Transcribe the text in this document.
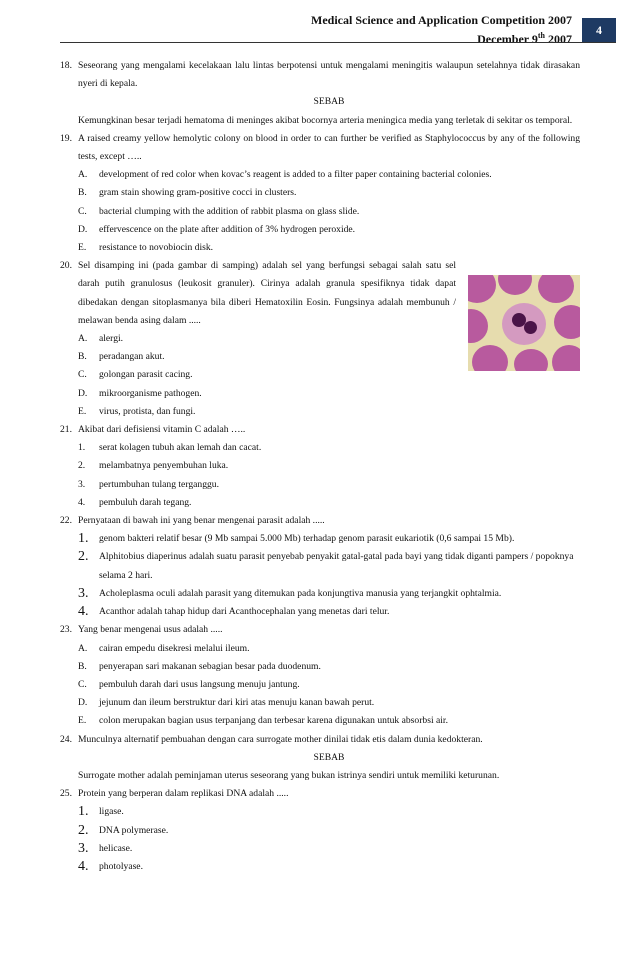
Medical Science and Application Competition 2007
December 9th 2007
4
18. Seseorang yang mengalami kecelakaan lalu lintas berpotensi untuk mengalami meningitis walaupun setelahnya tidak dirasakan nyeri di kepala.
SEBAB
Kemungkinan besar terjadi hematoma di meninges akibat bocornya arteria meningica media yang terletak di sekitar os temporal.
19. A raised creamy yellow hemolytic colony on blood in order to can further be verified as Staphylococcus by any of the following tests, except …..
A.	development of red color when kovac’s reagent is added to a filter paper containing bacterial colonies.
B.	gram stain showing gram-positive cocci in clusters.
C.	bacterial clumping with the addition of rabbit plasma on glass slide.
D.	effervescence on the plate after addition of 3% hydrogen peroxide.
E.	resistance to novobiocin disk.
20. Sel disamping ini (pada gambar di samping) adalah sel yang berfungsi sebagai salah satu sel darah putih granulosus (leukosit granuler). Cirinya adalah granula spesifiknya tidak dapat dibedakan dengan sitoplasmanya bila diberi Hematoxilin Eosin. Fungsinya adalah membunuh / melawan benda asing dalam .....
A.	alergi.
B.	peradangan akut.
C.	golongan parasit cacing.
D.	mikroorganisme pathogen.
E.	virus, protista, dan fungi.
21. Akibat dari defisiensi vitamin C adalah …..
1.	serat kolagen tubuh akan lemah dan cacat.
2.	melambatnya penyembuhan luka.
3.	pertumbuhan tulang terganggu.
4.	pembuluh darah tegang.
22. Pernyataan di bawah ini yang benar mengenai parasit adalah .....
1.	genom bakteri relatif besar (9 Mb sampai 5.000 Mb) terhadap genom parasit eukariotik (0,6 sampai 15 Mb).
2.	Alphitobius diaperinus adalah suatu parasit penyebab penyakit gatal-gatal pada bayi yang tidak diganti pampers / popoknya selama 2 hari.
3.	Acholeplasma oculi adalah parasit yang ditemukan pada konjungtiva manusia yang terjangkit ophtalmia.
4.	Acanthor adalah tahap hidup dari Acanthocephalan yang menetas dari telur.
23. Yang benar mengenai usus adalah .....
A.	cairan empedu disekresi melalui ileum.
B.	penyerapan sari makanan sebagian besar pada duodenum.
C.	pembuluh darah dari usus langsung menuju jantung.
D.	jejunum dan ileum berstruktur dari kiri atas menuju kanan bawah perut.
E.	colon merupakan bagian usus terpanjang dan terbesar karena digunakan untuk absorbsi air.
24. Munculnya alternatif pembuahan dengan cara surrogate mother dinilai tidak etis dalam dunia kedokteran.
SEBAB
Surrogate mother adalah peminjaman uterus seseorang yang bukan istrinya sendiri untuk memiliki keturunan.
25. Protein yang berperan dalam replikasi DNA adalah .....
1.	ligase.
2.	DNA polymerase.
3.	helicase.
4.	photolyase.
